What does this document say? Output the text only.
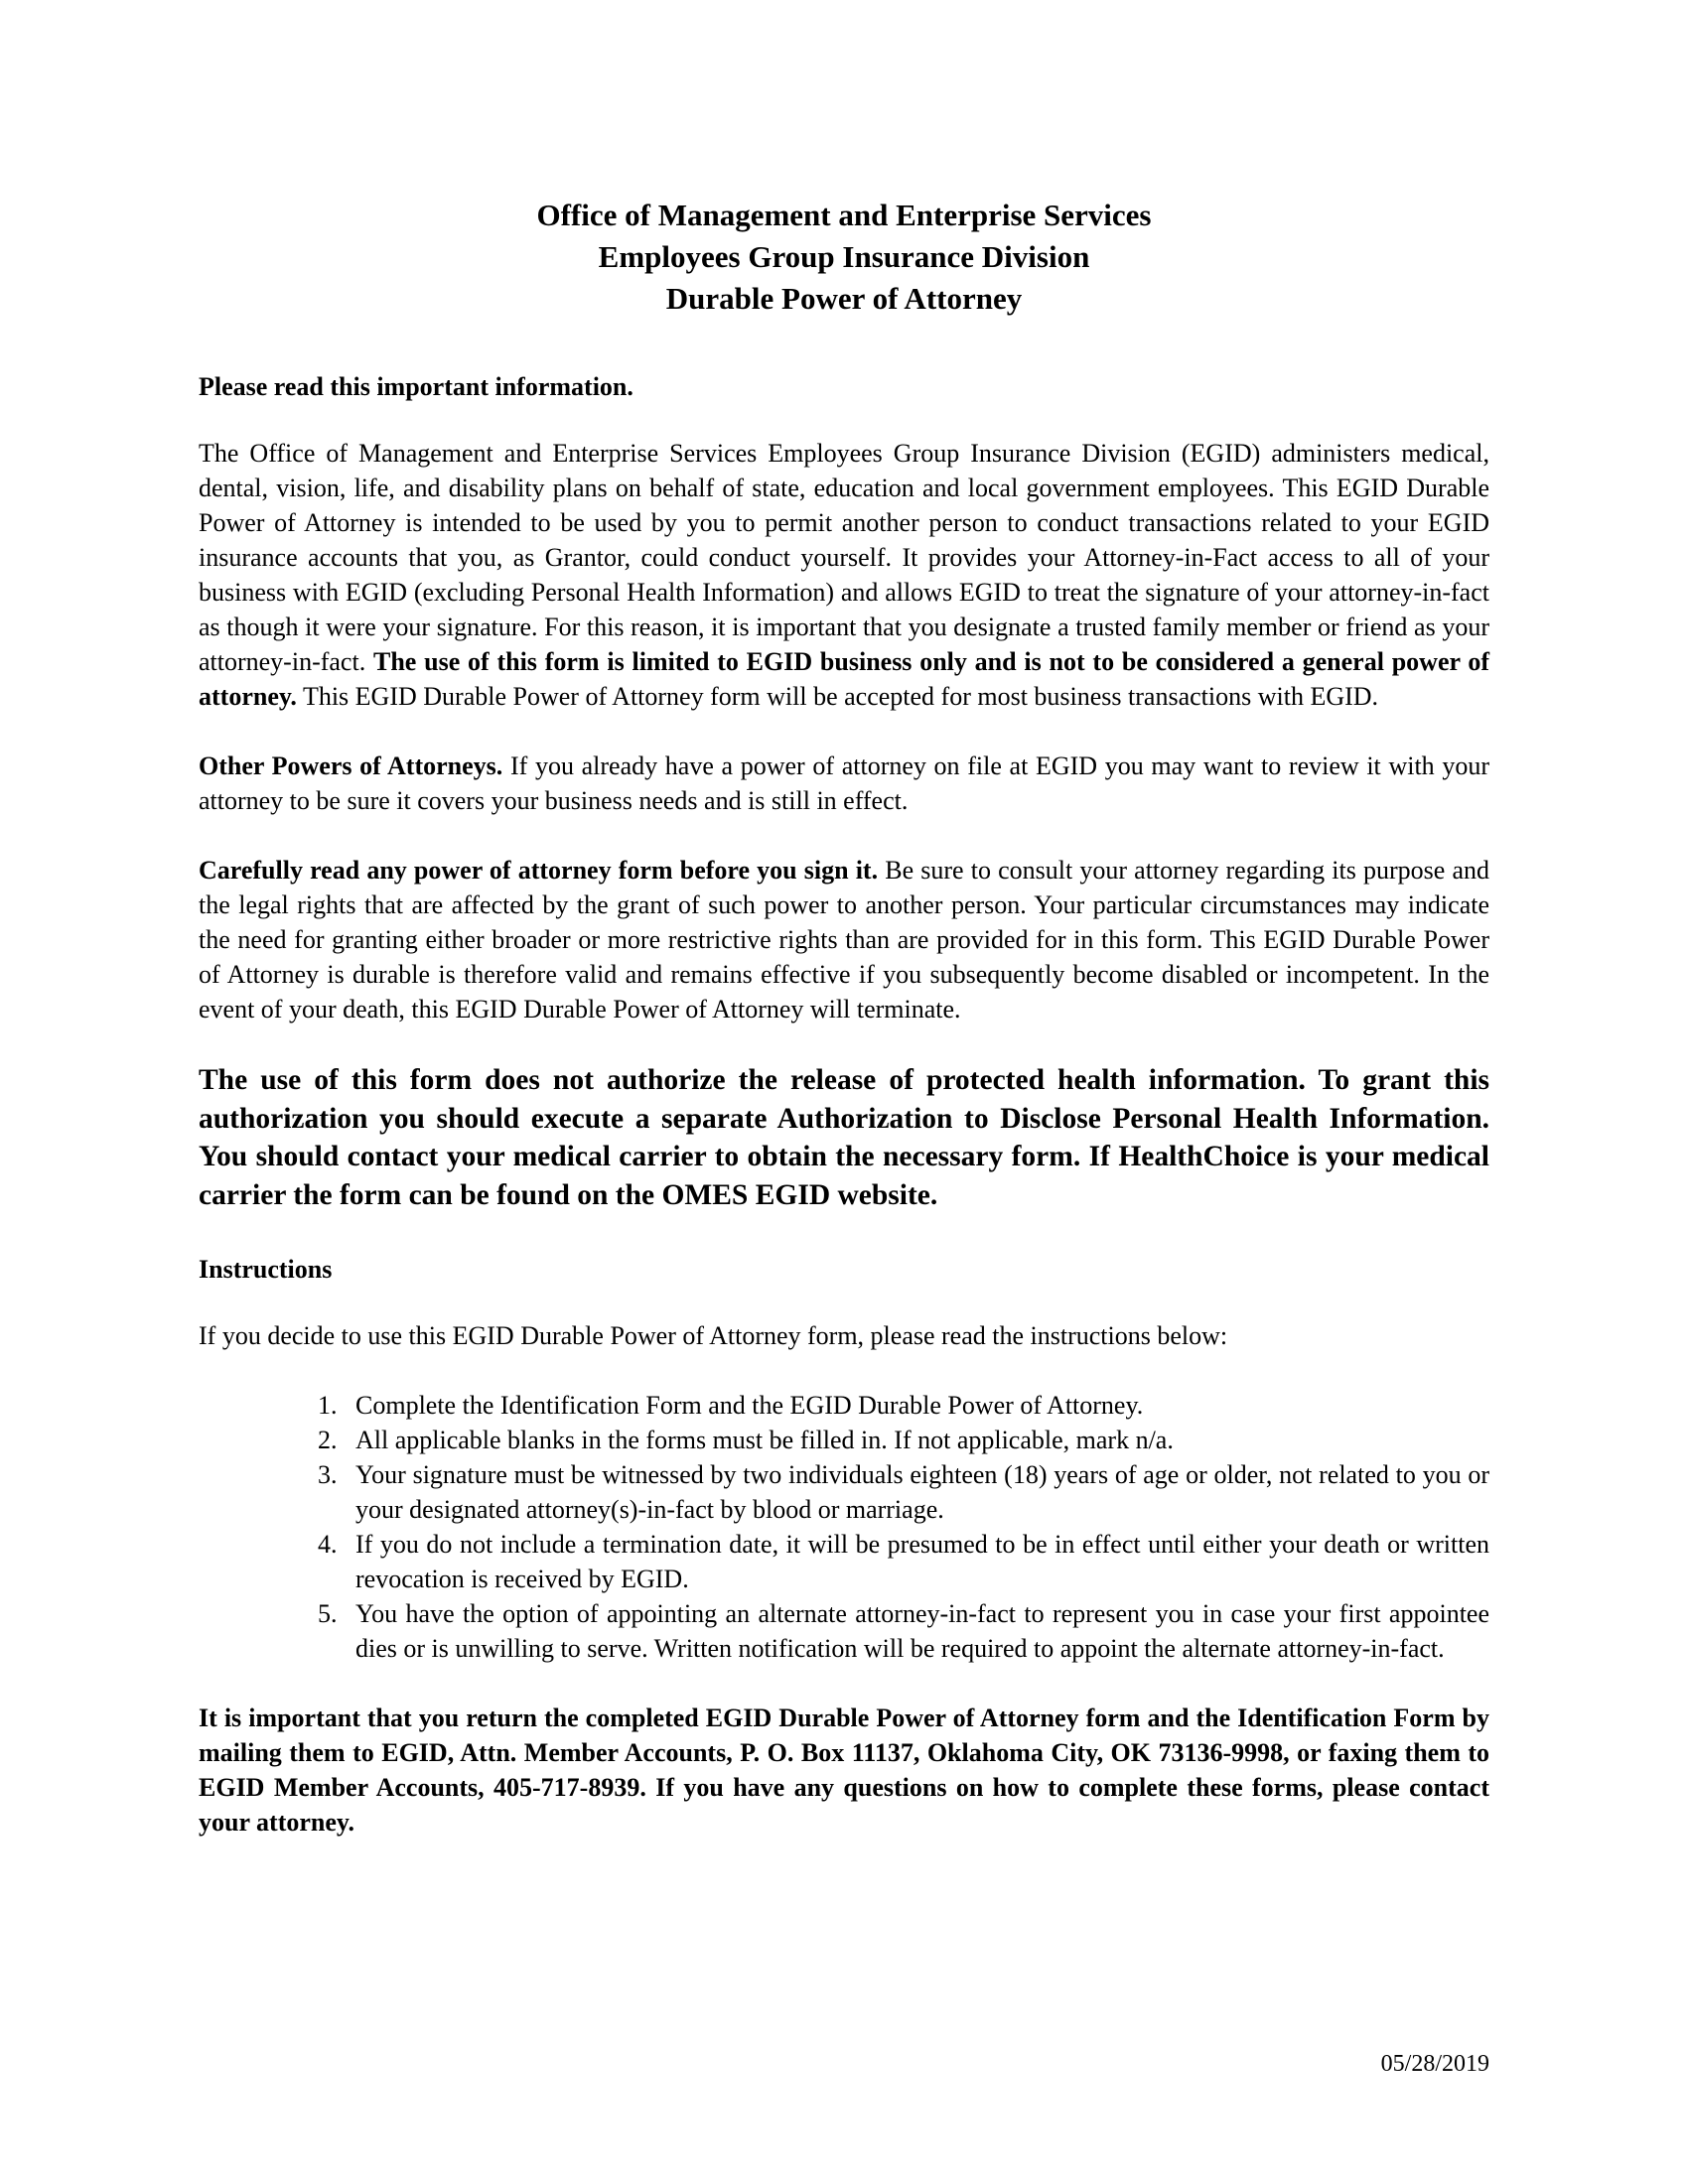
Office of Management and Enterprise Services
Employees Group Insurance Division
Durable Power of Attorney
Please read this important information.

The Office of Management and Enterprise Services Employees Group Insurance Division (EGID) administers medical, dental, vision, life, and disability plans on behalf of state, education and local government employees. This EGID Durable Power of Attorney is intended to be used by you to permit another person to conduct transactions related to your EGID insurance accounts that you, as Grantor, could conduct yourself. It provides your Attorney-in-Fact access to all of your business with EGID (excluding Personal Health Information) and allows EGID to treat the signature of your attorney-in-fact as though it were your signature. For this reason, it is important that you designate a trusted family member or friend as your attorney-in-fact. The use of this form is limited to EGID business only and is not to be considered a general power of attorney. This EGID Durable Power of Attorney form will be accepted for most business transactions with EGID.

Other Powers of Attorneys. If you already have a power of attorney on file at EGID you may want to review it with your attorney to be sure it covers your business needs and is still in effect.

Carefully read any power of attorney form before you sign it. Be sure to consult your attorney regarding its purpose and the legal rights that are affected by the grant of such power to another person. Your particular circumstances may indicate the need for granting either broader or more restrictive rights than are provided for in this form. This EGID Durable Power of Attorney is durable is therefore valid and remains effective if you subsequently become disabled or incompetent. In the event of your death, this EGID Durable Power of Attorney will terminate.

The use of this form does not authorize the release of protected health information. To grant this authorization you should execute a separate Authorization to Disclose Personal Health Information. You should contact your medical carrier to obtain the necessary form. If HealthChoice is your medical carrier the form can be found on the OMES EGID website.

Instructions

If you decide to use this EGID Durable Power of Attorney form, please read the instructions below:

1. Complete the Identification Form and the EGID Durable Power of Attorney.
2. All applicable blanks in the forms must be filled in. If not applicable, mark n/a.
3. Your signature must be witnessed by two individuals eighteen (18) years of age or older, not related to you or your designated attorney(s)-in-fact by blood or marriage.
4. If you do not include a termination date, it will be presumed to be in effect until either your death or written revocation is received by EGID.
5. You have the option of appointing an alternate attorney-in-fact to represent you in case your first appointee dies or is unwilling to serve. Written notification will be required to appoint the alternate attorney-in-fact.

It is important that you return the completed EGID Durable Power of Attorney form and the Identification Form by mailing them to EGID, Attn. Member Accounts, P. O. Box 11137, Oklahoma City, OK 73136-9998, or faxing them to EGID Member Accounts, 405-717-8939. If you have any questions on how to complete these forms, please contact your attorney.

05/28/2019
